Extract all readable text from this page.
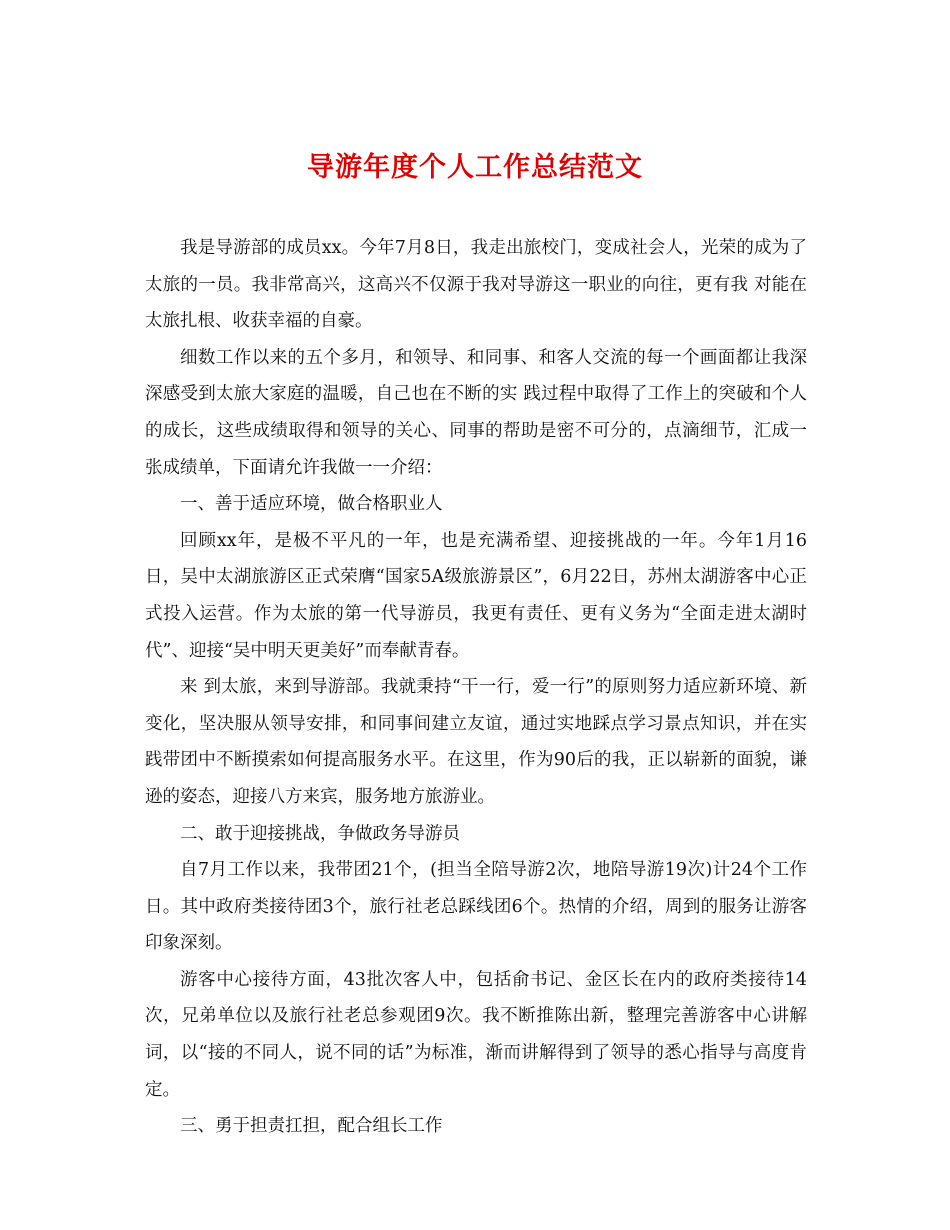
导游年度个人工作总结范文

我是导游部的成员xx。今年7月8日，我走出旅校门，变成社会人，光荣的成为了太旅的一员。我非常高兴，这高兴不仅源于我对导游这一职业的向往，更有我 对能在太旅扎根、收获幸福的自豪。

细数工作以来的五个多月，和领导、和同事、和客人交流的每一个画面都让我深深感受到太旅大家庭的温暖，自己也在不断的实 践过程中取得了工作上的突破和个人的成长，这些成绩取得和领导的关心、同事的帮助是密不可分的，点滴细节，汇成一张成绩单，下面请允许我做一一介绍：

一、善于适应环境，做合格职业人

回顾xx年，是极不平凡的一年，也是充满希望、迎接挑战的一年。今年1月16日，吴中太湖旅游区正式荣膺“国家5A级旅游景区”，6月22日，苏州太湖游客中心正式投入运营。作为太旅的第一代导游员，我更有责任、更有义务为“全面走进太湖时代”、迎接“吴中明天更美好”而奉献青春。

来 到太旅，来到导游部。我就秉持“干一行，爱一行”的原则努力适应新环境、新变化，坚决服从领导安排，和同事间建立友谊，通过实地踩点学习景点知识，并在实 践带团中不断摸索如何提高服务水平。在这里，作为90后的我，正以崭新的面貌，谦逊的姿态，迎接八方来宾，服务地方旅游业。

二、敢于迎接挑战，争做政务导游员

自7月工作以来，我带团21个，(担当全陪导游2次，地陪导游19次)计24个工作日。其中政府类接待团3个，旅行社老总踩线团6个。热情的介绍，周到的服务让游客印象深刻。

游客中心接待方面，43批次客人中，包括俞书记、金区长在内的政府类接待14次，兄弟单位以及旅行社老总参观团9次。我不断推陈出新，整理完善游客中心讲解词，以“接的不同人，说不同的话”为标准，渐而讲解得到了领导的悉心指导与高度肯定。

三、勇于担责扛担，配合组长工作
